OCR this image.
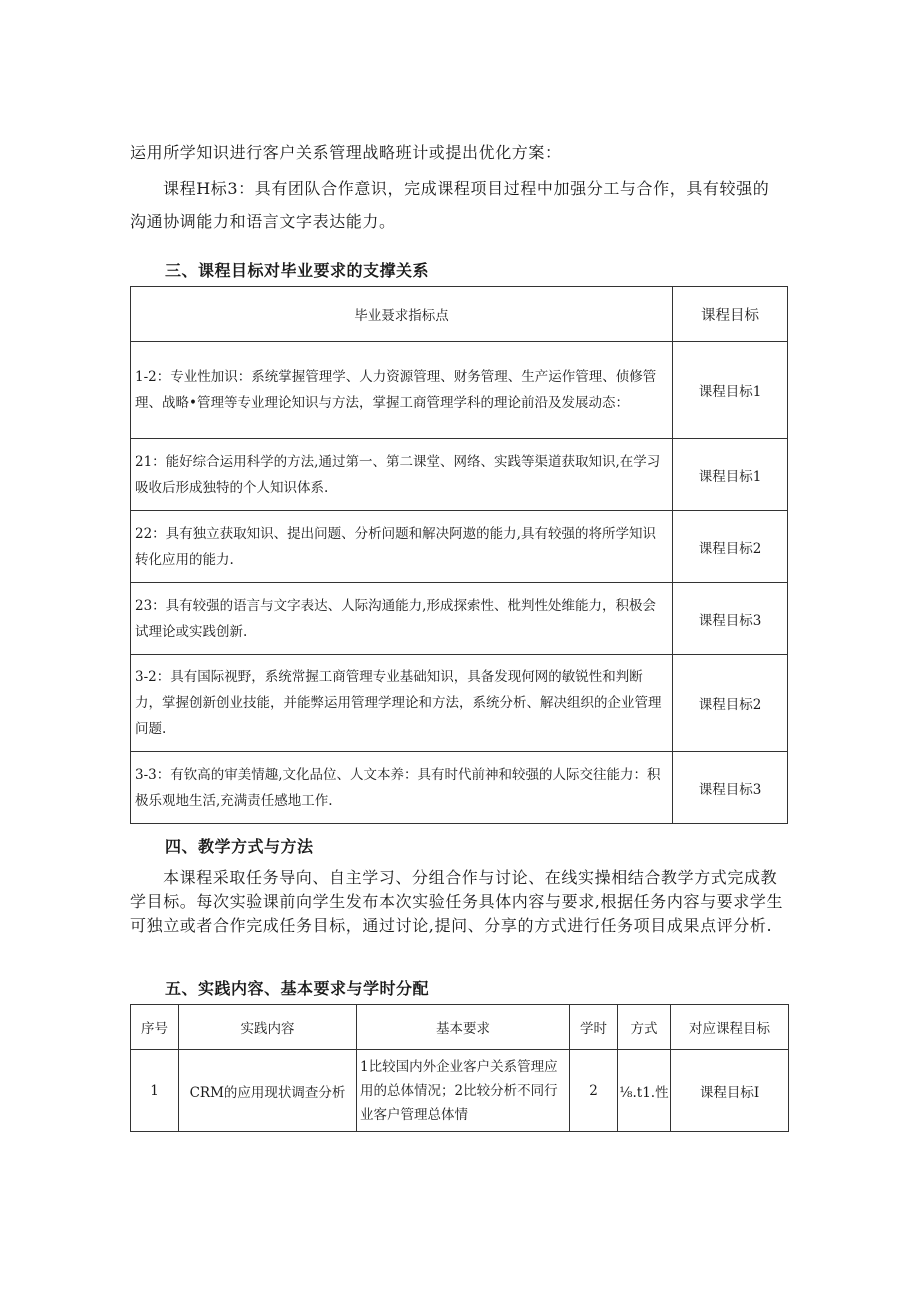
运用所学知识进行客户关系管理战略班计或提出优化方案：
课程H标3：具有团队合作意识，完成课程项目过程中加强分工与合作，具有较强的
沟通协调能力和语言文字表达能力。
三、课程目标对毕业要求的支撑关系
毕业聂求指标点	课程目标
1-2：专业性加识：系统掌握管理学、人力资源管理、财务管理、生产运作管理、侦修管理、战略•管理等专业理论知识与方法，掌握工商管理学科的理论前沿及发展动态：	课程目标1
21：能好综合运用科学的方法,通过第一、第二课堂、网络、实践等渠道获取知识,在学习吸收后形成独特的个人知识体系.	课程目标1
22：具有独立获取知识、提出问题、分析问题和解决阿遨的能力,具有较强的将所学知识转化应用的能力.	课程目标2
23：具有较强的语言与文字表达、人际沟通能力,形成探索性、枇判性处维能力，积极会试理论或实践创新.	课程目标3
3-2：具有国际视野，系统常握工商管理专业基础知识，具备发现何网的敏锐性和判断力，掌握创新创业技能，并能弊运用管理学理论和方法，系统分析、解决组织的企业管理问题.	课程目标2
3-3：有钦高的审美情趣,文化品位、人文本养：具有时代前神和较强的人际交往能力：积极乐观地生活,充满责任感地工作.	课程目标3
四、教学方式与方法
本课程采取任务导向、自主学习、分组合作与讨论、在线实操相结合教学方式完成教学目标。每次实验课前向学生发布本次实验任务具体内容与要求,根据任务内容与要求学生可独立或者合作完成任务目标，通过讨论,提问、分享的方式进行任务项目成果点评分析.
五、实践内容、基本要求与学时分配
序号	实践内容	基本要求	学时	方式	对应课程目标
1	CRM的应用现状调查分析	1比较国内外企业客户关系管理应用的总体情况；2比较分析不同行业客户管理总体情	2	⅛.t1.性	课程目标I
